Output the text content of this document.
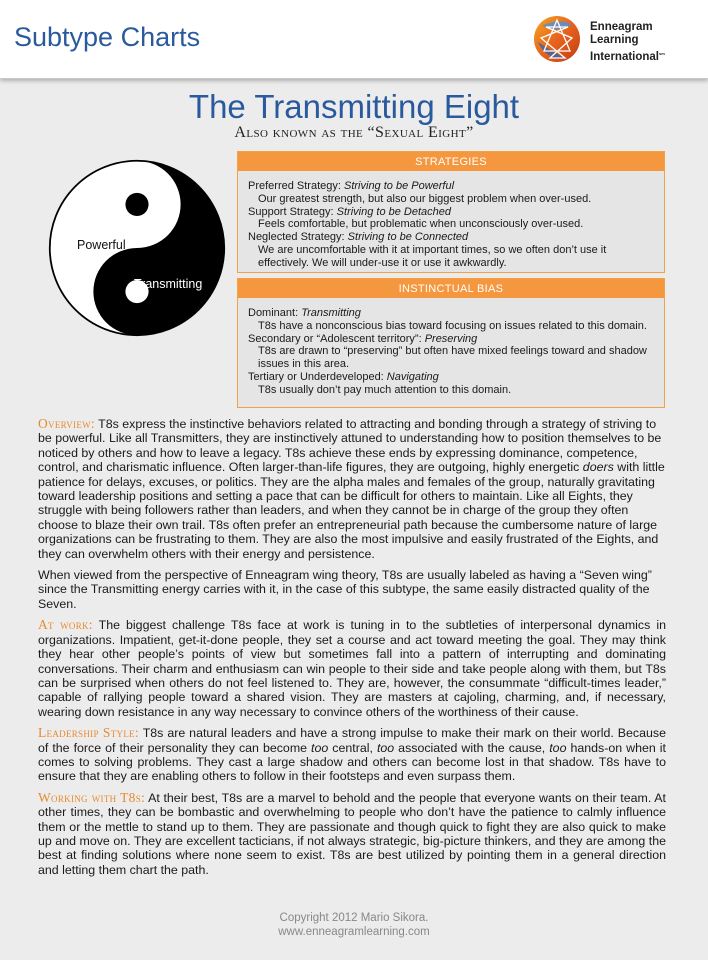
Subtype Charts	Enneagram
Learning
International$^{sm}$
The Transmitting Eight
Also known as the “Sexual Eight”
Powerful
Transmitting
STRATEGIES
Preferred Strategy: Striving to be Powerful
Our greatest strength, but also our biggest problem when over-used.
Support Strategy: Striving to be Detached
Feels comfortable, but problematic when unconsciously over-used.
Neglected Strategy: Striving to be Connected
We are uncomfortable with it at important times, so we often don’t use it effectively. We will under-use it or use it awkwardly.
INSTINCTUAL BIAS
Dominant: Transmitting
T8s have a nonconscious bias toward focusing on issues related to this domain.
Secondary or “Adolescent territory”: Preserving
T8s are drawn to “preserving” but often have mixed feelings toward and shadow issues in this area.
Tertiary or Underdeveloped: Navigating
T8s usually don’t pay much attention to this domain.

Overview: T8s express the instinctive behaviors related to attracting and bonding through a strategy of striving to be powerful. Like all Transmitters, they are instinctively attuned to understanding how to position themselves to be noticed by others and how to leave a legacy. T8s achieve these ends by expressing dominance, competence, control, and charismatic influence. Often larger-than-life figures, they are outgoing, highly energetic doers with little patience for delays, excuses, or politics. They are the alpha males and females of the group, naturally gravitating toward leadership positions and setting a pace that can be difficult for others to maintain. Like all Eights, they struggle with being followers rather than leaders, and when they cannot be in charge of the group they often choose to blaze their own trail. T8s often prefer an entrepreneurial path because the cumbersome nature of large organizations can be frustrating to them. They are also the most impulsive and easily frustrated of the Eights, and they can overwhelm others with their energy and persistence.

When viewed from the perspective of Enneagram wing theory, T8s are usually labeled as having a “Seven wing” since the Transmitting energy carries with it, in the case of this subtype, the same easily distracted quality of the Seven.

At work: The biggest challenge T8s face at work is tuning in to the subtleties of interpersonal dynamics in organizations. Impatient, get-it-done people, they set a course and act toward meeting the goal. They may think they hear other people’s points of view but sometimes fall into a pattern of interrupting and dominating conversations. Their charm and enthusiasm can win people to their side and take people along with them, but T8s can be surprised when others do not feel listened to. They are, however, the consummate “difficult-times leader,” capable of rallying people toward a shared vision. They are masters at cajoling, charming, and, if necessary, wearing down resistance in any way necessary to convince others of the worthiness of their cause.

Leadership Style: T8s are natural leaders and have a strong impulse to make their mark on their world. Because of the force of their personality they can become too central, too associated with the cause, too hands-on when it comes to solving problems. They cast a large shadow and others can become lost in that shadow. T8s have to ensure that they are enabling others to follow in their footsteps and even surpass them.

Working with T8s: At their best, T8s are a marvel to behold and the people that everyone wants on their team. At other times, they can be bombastic and overwhelming to people who don’t have the patience to calmly influence them or the mettle to stand up to them. They are passionate and though quick to fight they are also quick to make up and move on. They are excellent tacticians, if not always strategic, big-picture thinkers, and they are among the best at finding solutions where none seem to exist. T8s are best utilized by pointing them in a general direction and letting them chart the path.

Copyright 2012 Mario Sikora.
www.enneagramlearning.com
